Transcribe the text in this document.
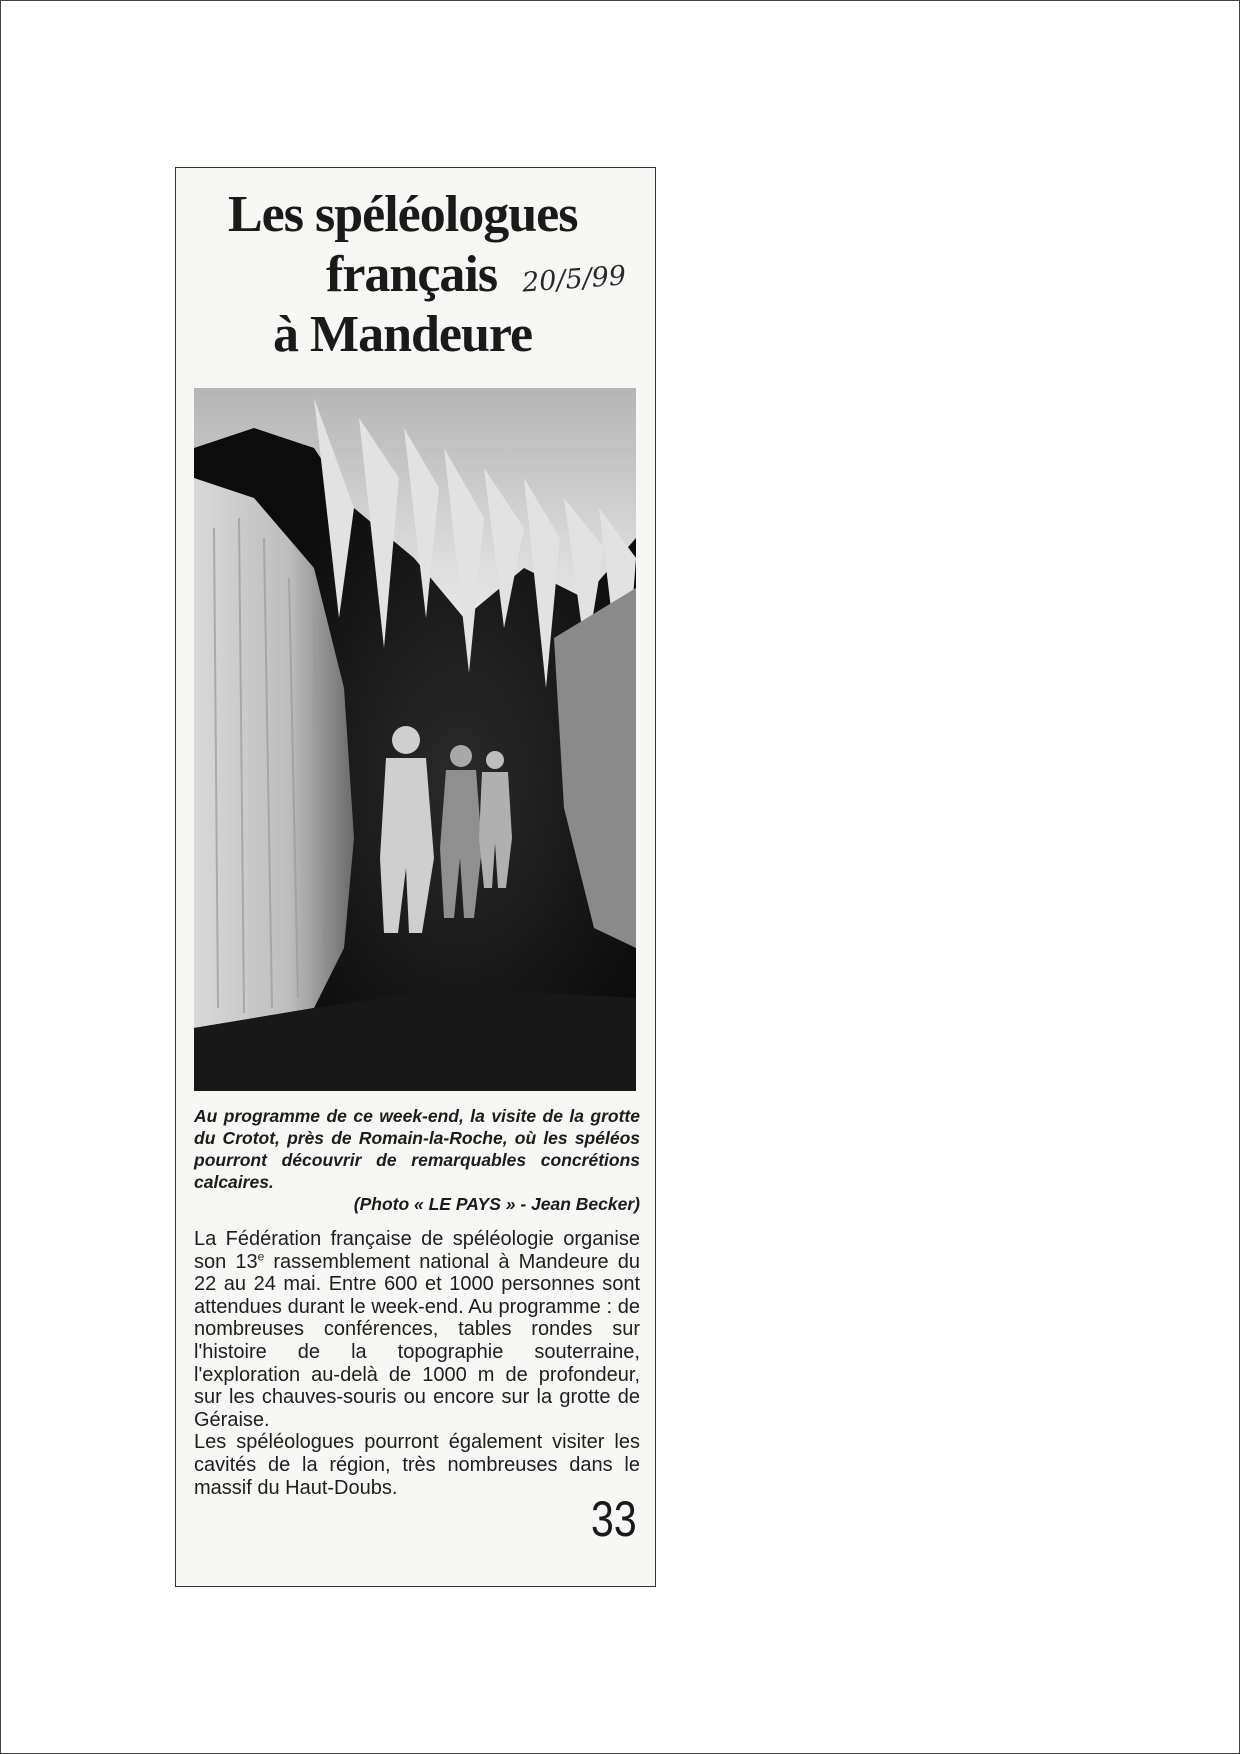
Les spéléologues
français
à Mandeure
20/5/99
Au programme de ce week-end, la visite de la grotte du Crotot, près de Romain-la-Roche, où les spéléos pourront découvrir de remarquables concrétions calcaires.
(Photo « LE PAYS » - Jean Becker)

La Fédération française de spéléologie organise son 13e rassemblement national à Mandeure du 22 au 24 mai. Entre 600 et 1000 personnes sont attendues durant le week-end. Au programme : de nombreuses conférences, tables rondes sur l'histoire de la topographie souterraine, l'exploration au-delà de 1000 m de profondeur, sur les chauves-souris ou encore sur la grotte de Géraise.

Les spéléologues pourront également visiter les cavités de la région, très nombreuses dans le massif du Haut-Doubs.

33
